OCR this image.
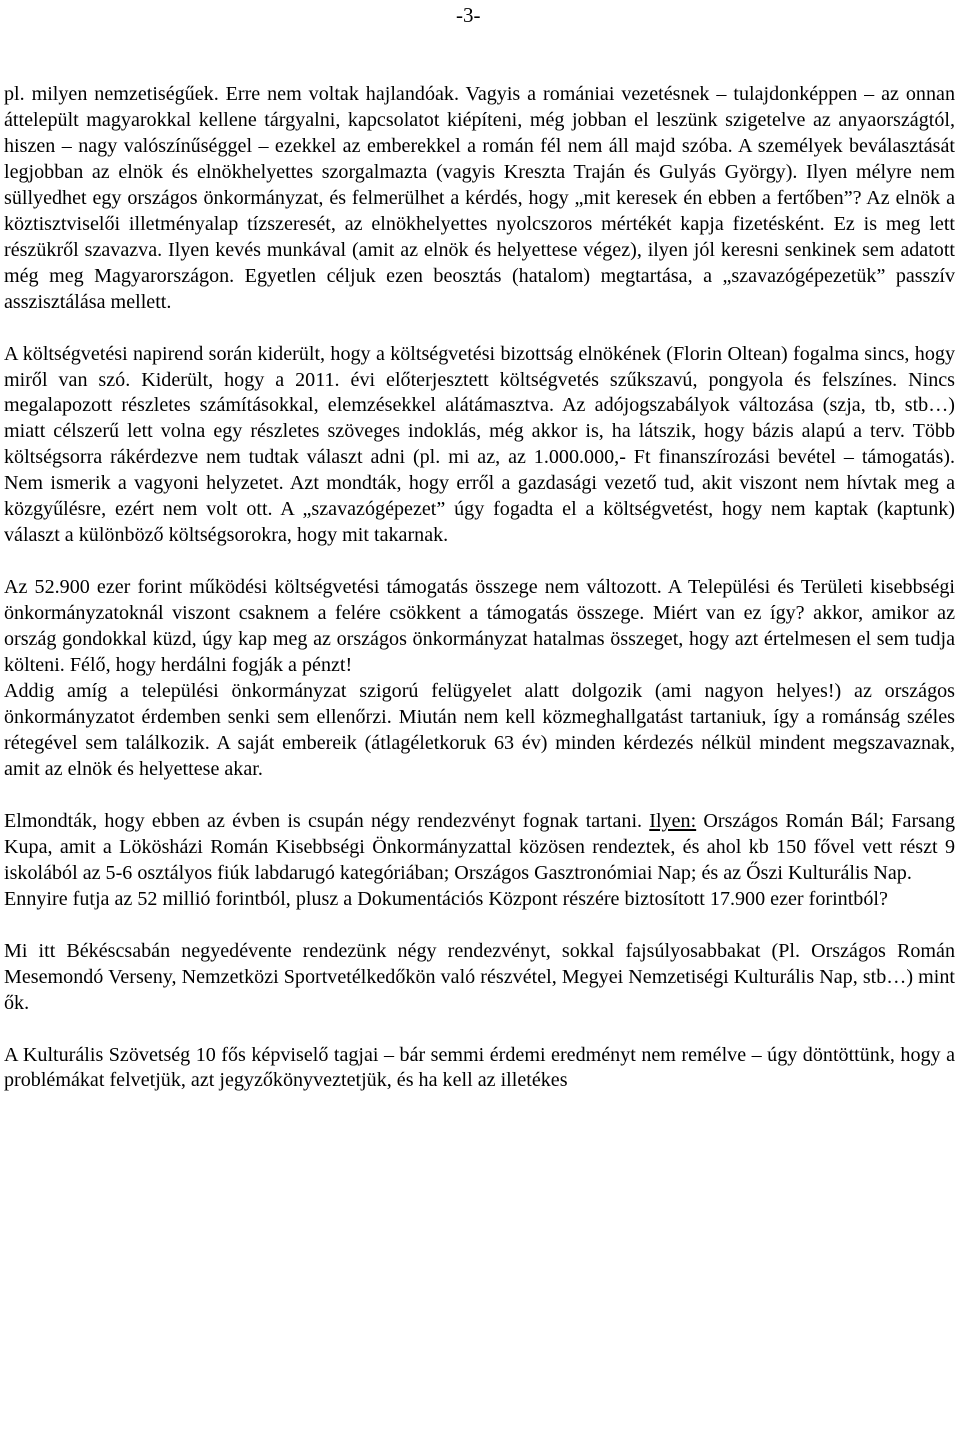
-3-

pl. milyen nemzetiségűek. Erre nem voltak hajlandóak. Vagyis a romániai vezetésnek – tulajdonképpen – az onnan áttelepült magyarokkal kellene tárgyalni, kapcsolatot kiépíteni, még jobban el leszünk szigetelve az anyaországtól, hiszen – nagy valószínűséggel – ezekkel az emberekkel a román fél nem áll majd szóba. A személyek beválasztását legjobban az elnök és elnökhelyettes szorgalmazta (vagyis Kreszta Traján és Gulyás György). Ilyen mélyre nem süllyedhet egy országos önkormányzat, és felmerülhet a kérdés, hogy „mit keresek én ebben a fertőben”? Az elnök a köztisztviselői illetményalap tízszeresét, az elnökhelyettes nyolcszoros mértékét kapja fizetésként. Ez is meg lett részükről szavazva. Ilyen kevés munkával (amit az elnök és helyettese végez), ilyen jól keresni senkinek sem adatott még meg Magyarországon. Egyetlen céljuk ezen beosztás (hatalom) megtartása, a „szavazógépezetük” passzív asszisztálása mellett.

A költségvetési napirend során kiderült, hogy a költségvetési bizottság elnökének (Florin Oltean) fogalma sincs, hogy miről van szó. Kiderült, hogy a 2011. évi előterjesztett költségvetés szűkszavú, pongyola és felszínes. Nincs megalapozott részletes számításokkal, elemzésekkel alátámasztva. Az adójogszabályok változása (szja, tb, stb…) miatt célszerű lett volna egy részletes szöveges indoklás, még akkor is, ha látszik, hogy bázis alapú a terv. Több költségsorra rákérdezve nem tudtak választ adni (pl. mi az, az 1.000.000,- Ft finanszírozási bevétel – támogatás). Nem ismerik a vagyoni helyzetet. Azt mondták, hogy erről a gazdasági vezető tud, akit viszont nem hívtak meg a közgyűlésre, ezért nem volt ott. A „szavazógépezet” úgy fogadta el a költségvetést, hogy nem kaptak (kaptunk) választ a különböző költségsorokra, hogy mit takarnak.

Az 52.900 ezer forint működési költségvetési támogatás összege nem változott. A Települési és Területi kisebbségi önkormányzatoknál viszont csaknem a felére csökkent a támogatás összege. Miért van ez így? akkor, amikor az ország gondokkal küzd, úgy kap meg az országos önkormányzat hatalmas összeget, hogy azt értelmesen el sem tudja költeni. Félő, hogy herdálni fogják a pénzt!

Addig amíg a települési önkormányzat szigorú felügyelet alatt dolgozik (ami nagyon helyes!) az országos önkormányzatot érdemben senki sem ellenőrzi. Miután nem kell közmeghallgatást tartaniuk, így a románság széles rétegével sem találkozik. A saját embereik (átlagéletkoruk 63 év) minden kérdezés nélkül mindent megszavaznak, amit az elnök és helyettese akar.

Elmondták, hogy ebben az évben is csupán négy rendezvényt fognak tartani. Ilyen: Országos Román Bál; Farsang Kupa, amit a Lökösházi Román Kisebbségi Önkormányzattal közösen rendeztek, és ahol kb 150 fővel vett részt 9 iskolából az 5-6 osztályos fiúk labdarugó kategóriában; Országos Gasztronómiai Nap; és az Őszi Kulturális Nap.

Ennyire futja az 52 millió forintból, plusz a Dokumentációs Központ részére biztosított 17.900 ezer forintból?

Mi itt Békéscsabán negyedévente rendezünk négy rendezvényt, sokkal fajsúlyosabbakat (Pl. Országos Román Mesemondó Verseny, Nemzetközi Sportvetélkedőkön való részvétel, Megyei Nemzetiségi Kulturális Nap, stb…) mint ők.

A Kulturális Szövetség 10 fős képviselő tagjai – bár semmi érdemi eredményt nem remélve – úgy döntöttünk, hogy a problémákat felvetjük, azt jegyzőkönyveztetjük, és ha kell az illetékes
